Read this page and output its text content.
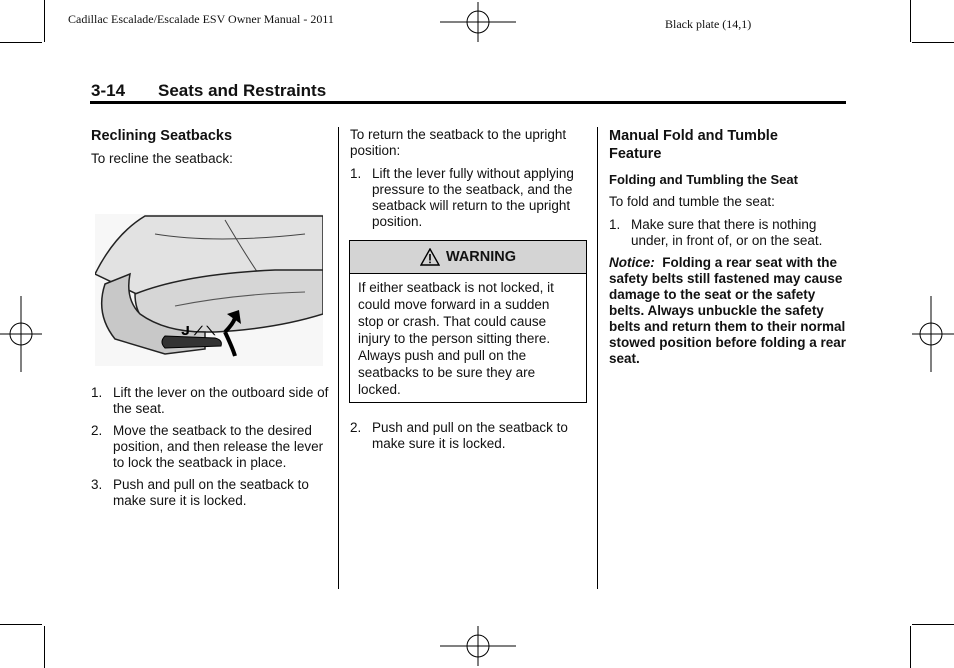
Cadillac Escalade/Escalade ESV Owner Manual - 2011	Black plate (14,1)
3-14 Seats and Restraints
Reclining Seatbacks

To recline the seatback:

ᒍ ⟋ ⟍
1. Lift the lever on the outboard side of the seat.
2. Move the seatback to the desired position, and then release the lever to lock the seatback in place.
3. Push and pull on the seatback to make sure it is locked.

To return the seatback to the upright position:

1. Lift the lever fully without applying pressure to the seatback, and the seatback will return to the upright position.
WARNING
If either seatback is not locked, it could move forward in a sudden stop or crash. That could cause injury to the person sitting there. Always push and pull on the seatbacks to be sure they are locked.
2. Push and pull on the seatback to make sure it is locked.
Manual Fold and Tumble Feature
Folding and Tumbling the Seat

To fold and tumble the seat:

1. Make sure that there is nothing under, in front of, or on the seat.
Notice: Folding a rear seat with the safety belts still fastened may cause damage to the seat or the safety belts. Always unbuckle the safety belts and return them to their normal stowed position before folding a rear seat.
